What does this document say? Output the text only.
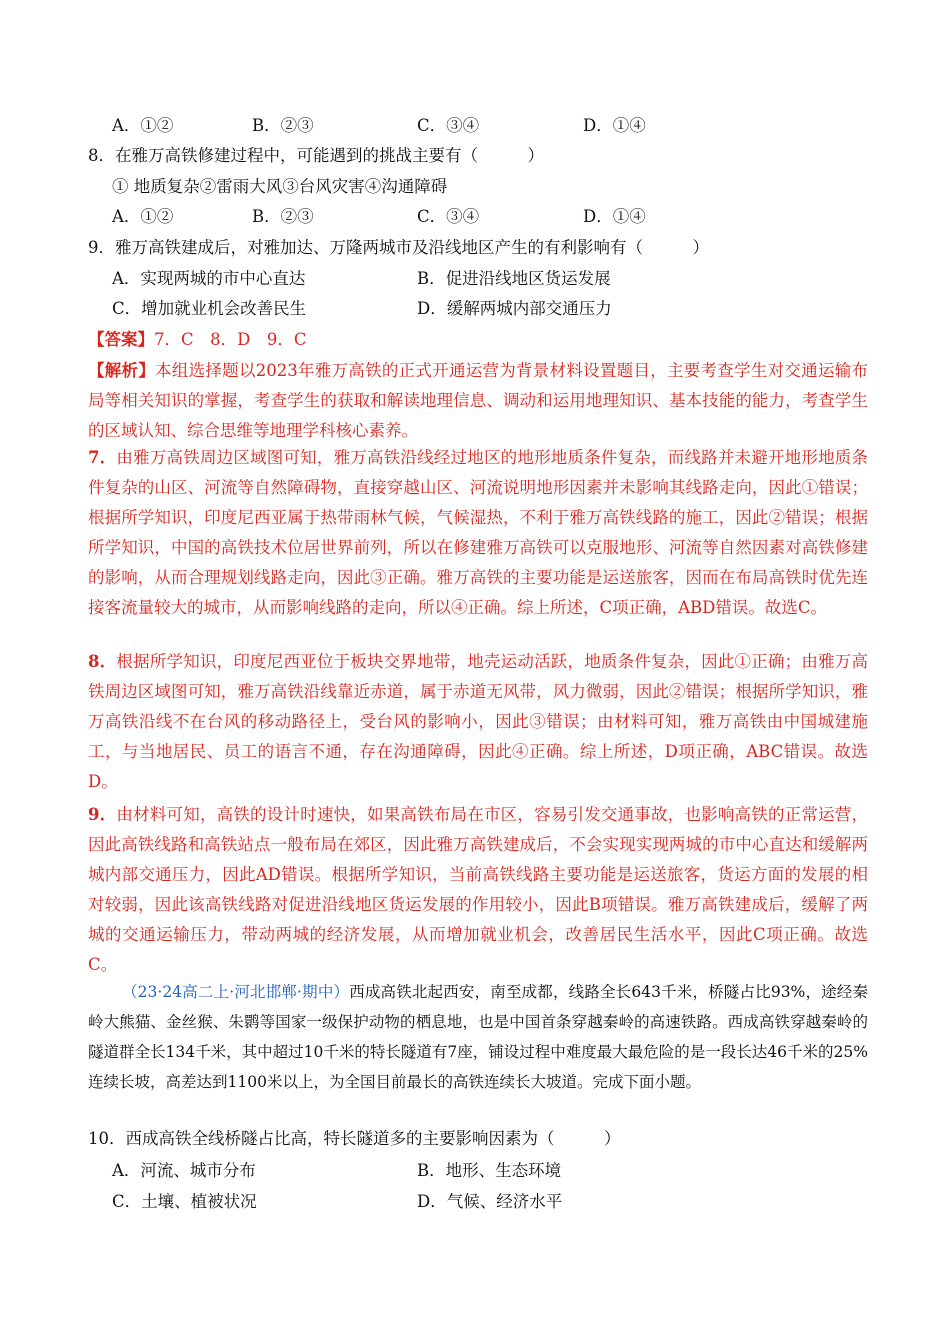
A．①②	B．②③	C．③④	D．①④
8．在雅万高铁修建过程中，可能遇到的挑战主要有（　　　）
① 地质复杂②雷雨大风③台风灾害④沟通障碍
A．①②	B．②③	C．③④	D．①④
9．雅万高铁建成后，对雅加达、万隆两城市及沿线地区产生的有利影响有（　　　）
A．实现两城的市中心直达	B．促进沿线地区货运发展
C．增加就业机会改善民生	D．缓解两城内部交通压力
【答案】7．C　8．D　9．C
【解析】本组选择题以2023年雅万高铁的正式开通运营为背景材料设置题目，主要考查学生对交通运输布局等相关知识的掌握，考查学生的获取和解读地理信息、调动和运用地理知识、基本技能的能力，考查学生的区域认知、综合思维等地理学科核心素养。
7．由雅万高铁周边区域图可知，雅万高铁沿线经过地区的地形地质条件复杂，而线路并未避开地形地质条件复杂的山区、河流等自然障碍物，直接穿越山区、河流说明地形因素并未影响其线路走向，因此①错误；根据所学知识，印度尼西亚属于热带雨林气候，气候湿热，不利于雅万高铁线路的施工，因此②错误；根据所学知识，中国的高铁技术位居世界前列，所以在修建雅万高铁可以克服地形、河流等自然因素对高铁修建的影响，从而合理规划线路走向，因此③正确。雅万高铁的主要功能是运送旅客，因而在布局高铁时优先连接客流量较大的城市，从而影响线路的走向，所以④正确。综上所述，C项正确，ABD错误。故选C。
8．根据所学知识，印度尼西亚位于板块交界地带，地壳运动活跃，地质条件复杂，因此①正确；由雅万高铁周边区域图可知，雅万高铁沿线靠近赤道，属于赤道无风带，风力微弱，因此②错误；根据所学知识，雅万高铁沿线不在台风的移动路径上，受台风的影响小，因此③错误；由材料可知，雅万高铁由中国城建施工，与当地居民、员工的语言不通，存在沟通障碍，因此④正确。综上所述，D项正确，ABC错误。故选D。
9．由材料可知，高铁的设计时速快，如果高铁布局在市区，容易引发交通事故，也影响高铁的正常运营，因此高铁线路和高铁站点一般布局在郊区，因此雅万高铁建成后，不会实现实现两城的市中心直达和缓解两城内部交通压力，因此AD错误。根据所学知识，当前高铁线路主要功能是运送旅客，货运方面的发展的相对较弱，因此该高铁线路对促进沿线地区货运发展的作用较小，因此B项错误。雅万高铁建成后，缓解了两城的交通运输压力，带动两城的经济发展，从而增加就业机会，改善居民生活水平，因此C项正确。故选C。
（23·24高二上·河北邯郸·期中）西成高铁北起西安，南至成都，线路全长643千米，桥隧占比93%，途经秦岭大熊猫、金丝猴、朱鹮等国家一级保护动物的栖息地，也是中国首条穿越秦岭的高速铁路。西成高铁穿越秦岭的隧道群全长134千米，其中超过10千米的特长隧道有7座，铺设过程中难度最大最危险的是一段长达46千米的25%连续长坡，高差达到1100米以上，为全国目前最长的高铁连续长大坡道。完成下面小题。
10．西成高铁全线桥隧占比高，特长隧道多的主要影响因素为（　　　）
A．河流、城市分布	B．地形、生态环境
C．土壤、植被状况	D．气候、经济水平
